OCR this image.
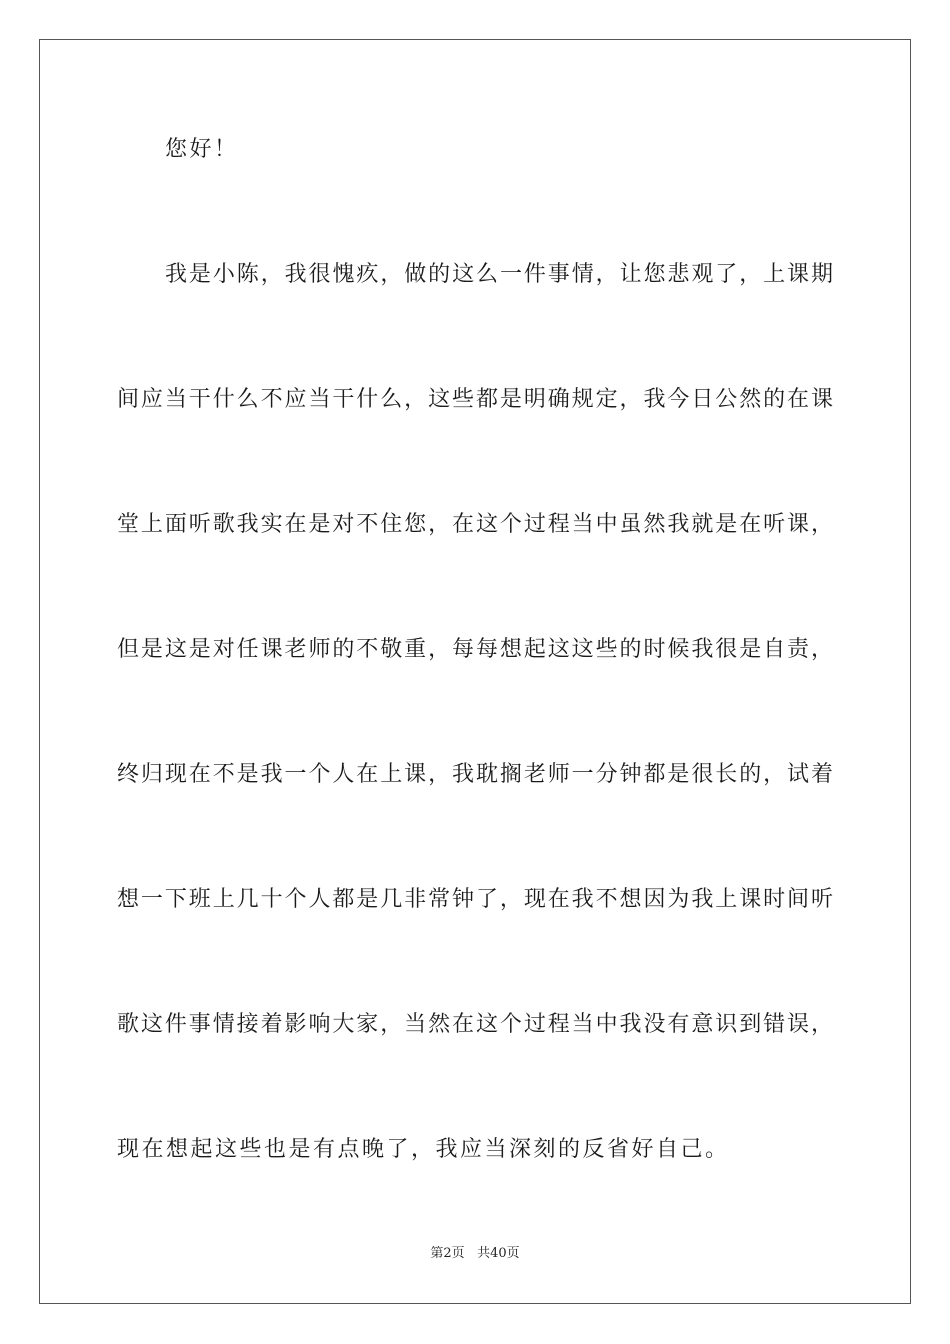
您好！
我是小陈，我很愧疚，做的这么一件事情，让您悲观了，上课期
间应当干什么不应当干什么，这些都是明确规定，我今日公然的在课
堂上面听歌我实在是对不住您，在这个过程当中虽然我就是在听课，
但是这是对任课老师的不敬重，每每想起这这些的时候我很是自责，
终归现在不是我一个人在上课，我耽搁老师一分钟都是很长的，试着
想一下班上几十个人都是几非常钟了，现在我不想因为我上课时间听
歌这件事情接着影响大家，当然在这个过程当中我没有意识到错误，
现在想起这些也是有点晚了，我应当深刻的反省好自己。
第2页 共40页
